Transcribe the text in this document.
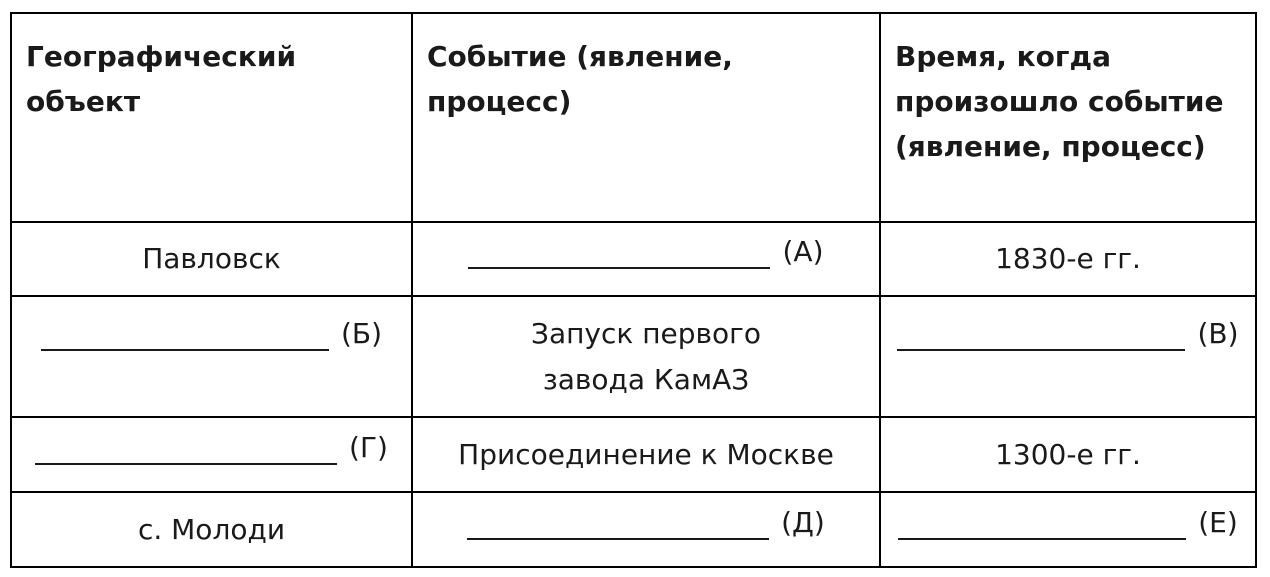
Географический объект	Событие (явление, процесс)	Время, когда произошло событие (явление, процесс)
Павловск	(А)	1830-е гг.

(Б)	Запуск первого завода КамАЗ	(В)

(Г)	Присоединение к Москве	1300-е гг.
с. Молоди	(Д)	(Е)
